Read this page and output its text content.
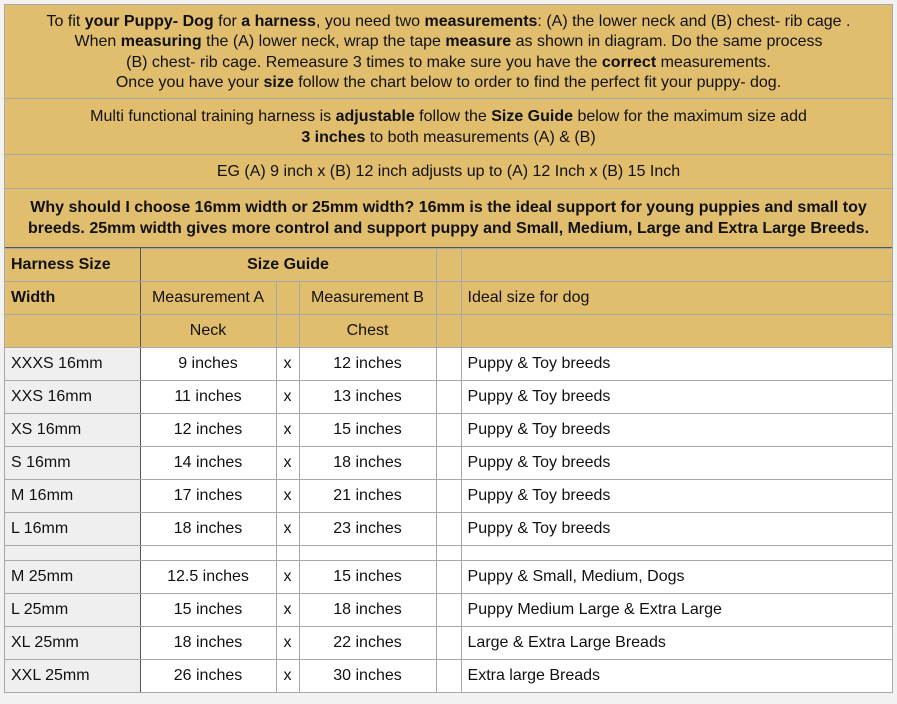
To fit your Puppy- Dog for a harness, you need two measurements: (A) the lower neck and (B) chest- rib cage .
When measuring the (A) lower neck, wrap the tape measure as shown in diagram. Do the same process
(B) chest- rib cage. Remeasure 3 times to make sure you have the correct measurements.
Once you have your size follow the chart below to order to find the perfect fit your puppy- dog.
Multi functional training harness is adjustable follow the Size Guide below for the maximum size add
3 inches to both measurements (A) & (B)
EG (A) 9 inch x (B) 12 inch adjusts up to (A) 12 Inch x (B) 15 Inch
Why should I choose 16mm width or 25mm width? 16mm is the ideal support for young puppies and small toy
breeds. 25mm width gives more control and support puppy and Small, Medium, Large and Extra Large Breeds.
Harness Size	Size Guide				
Width	Measurement A		Measurement B		Ideal size for dog
	Neck		Chest		
XXXS 16mm	9 inches	x	12 inches		Puppy & Toy breeds
XXS 16mm	11 inches	x	13 inches		Puppy & Toy breeds
XS 16mm	12 inches	x	15 inches		Puppy & Toy breeds
S 16mm	14 inches	x	18 inches		Puppy & Toy breeds
M 16mm	17 inches	x	21 inches		Puppy & Toy breeds
L 16mm	18 inches	x	23 inches		Puppy & Toy breeds

M 25mm	12.5 inches	x	15 inches		Puppy & Small, Medium, Dogs
L 25mm	15 inches	x	18 inches		Puppy Medium Large & Extra Large
XL 25mm	18 inches	x	22 inches		Large & Extra Large Breads
XXL 25mm	26 inches	x	30 inches		Extra large Breads
